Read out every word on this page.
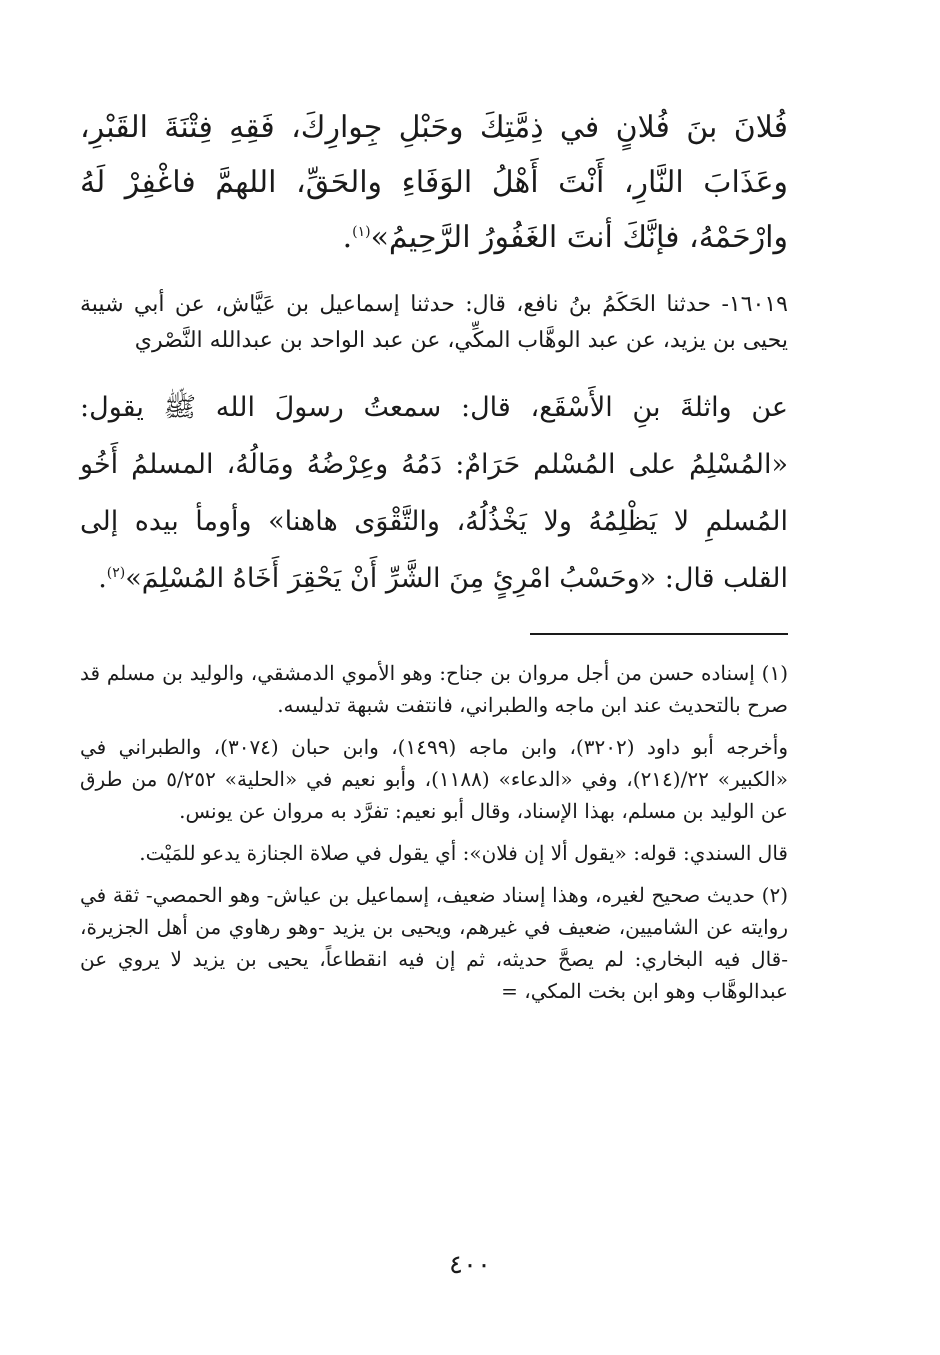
فُلانَ بنَ فُلانٍ في ذِمَّتِكَ وحَبْلِ جِوارِكَ، فَقِهِ فِتْنَةَ القَبْرِ، وعَذَابَ النَّارِ، أَنْتَ أَهْلُ الوَفَاءِ والحَقِّ، اللهمَّ فاغْفِرْ لَهُ وارْحَمْهُ، فإنَّكَ أنتَ الغَفُورُ الرَّحِيمُ»$^{(١)}$.

١٦٠١٩- حدثنا الحَكَمُ بنُ نافع، قال: حدثنا إسماعيل بن عَيَّاش، عن أبي شيبة يحيى بن يزيد، عن عبد الوهَّاب المكِّي، عن عبد الواحد بن عبدالله النَّصْري

عن واثلةَ بنِ الأَسْقَع، قال: سمعتُ رسولَ الله ﷺ يقول: «المُسْلِمُ على المُسْلم حَرَامٌ: دَمُهُ وعِرْضُهُ ومَالُهُ، المسلمُ أَخُو المُسلمِ لا يَظْلِمُهُ ولا يَخْذُلُهُ، والتَّقْوَى هاهنا» وأومأ بيده إلى القلب قال: «وحَسْبُ امْرِئٍ مِنَ الشَّرِّ أَنْ يَحْقِرَ أَخَاهُ المُسْلِمَ»$^{(٢)}$.

(١) إسناده حسن من أجل مروان بن جناح: وهو الأموي الدمشقي، والوليد بن مسلم قد صرح بالتحديث عند ابن ماجه والطبراني، فانتفت شبهة تدليسه.

وأخرجه أبو داود (٣٢٠٢)، وابن ماجه (١٤٩٩)، وابن حبان (٣٠٧٤)، والطبراني في «الكبير» ٢٢/(٢١٤)، وفي «الدعاء» (١١٨٨)، وأبو نعيم في «الحلية» ٥/٢٥٢ من طرق عن الوليد بن مسلم، بهذا الإسناد، وقال أبو نعيم: تفرَّد به مروان عن يونس.

قال السندي: قوله: «يقول ألا إن فلان»: أي يقول في صلاة الجنازة يدعو للمَيْت.

(٢) حديث صحيح لغيره، وهذا إسناد ضعيف، إسماعيل بن عياش- وهو الحمصي- ثقة في روايته عن الشاميين، ضعيف في غيرهم، ويحيى بن يزيد -وهو رهاوي من أهل الجزيرة، -قال فيه البخاري: لم يصحَّ حديثه، ثم إن فيه انقطاعاً، يحيى بن يزيد لا يروي عن عبدالوهَّاب وهو ابن بخت المكي، =

٤٠٠
